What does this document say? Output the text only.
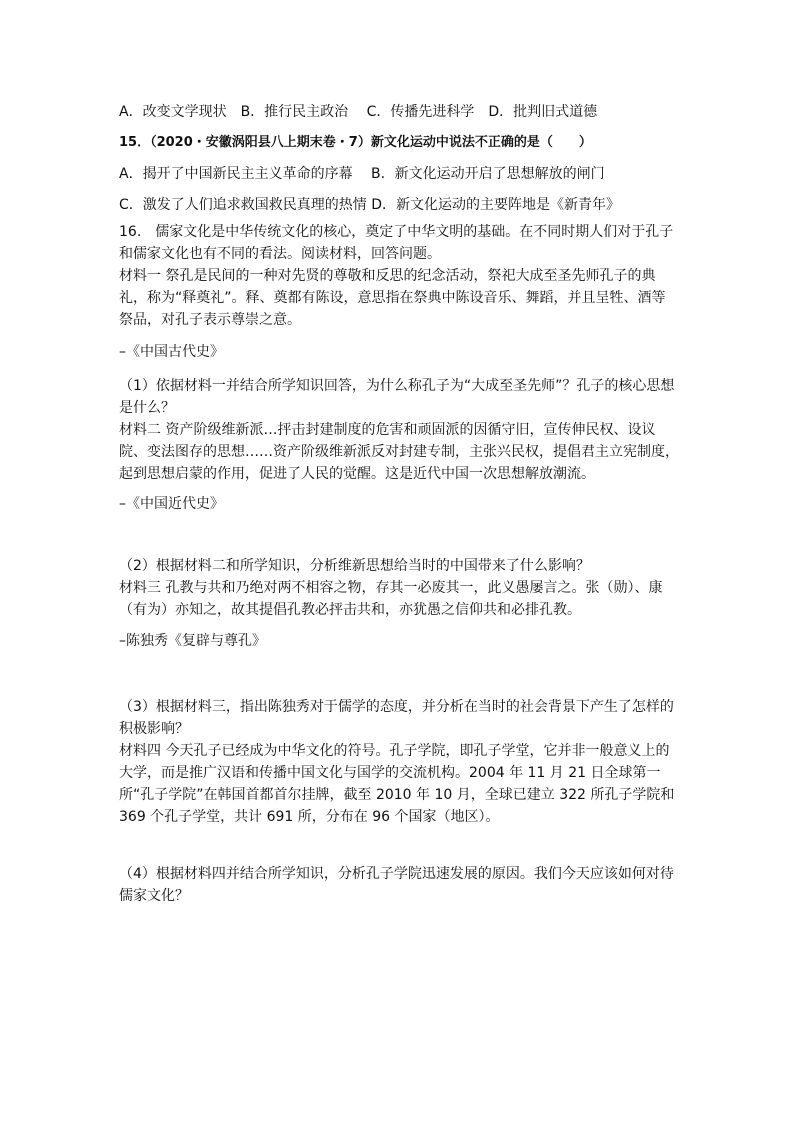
A．改变文学现状　B．推行民主政治　 C．传播先进科学　D．批判旧式道德
15．（2020・安徽涡阳县八上期末卷・7）新文化运动中说法不正确的是（　　）
A．揭开了中国新民主主义革命的序幕　 B．新文化运动开启了思想解放的闸门
C．激发了人们追求救国救民真理的热情 D．新文化运动的主要阵地是《新青年》
16.　儒家文化是中华传统文化的核心，奠定了中华文明的基础。在不同时期人们对于孔子和儒家文化也有不同的看法。阅读材料，回答问题。
材料一 祭孔是民间的一种对先贤的尊敬和反思的纪念活动，祭祀大成至圣先师孔子的典礼，称为“释奠礼”。释、奠都有陈设，意思指在祭典中陈设音乐、舞蹈，并且呈牲、酒等祭品，对孔子表示尊崇之意。
–《中国古代史》
（1）依据材料一并结合所学知识回答，为什么称孔子为“大成至圣先师”？孔子的核心思想是什么？
材料二 资产阶级维新派…抨击封建制度的危害和顽固派的因循守旧，宣传伸民权、设议院、变法图存的思想……资产阶级维新派反对封建专制，主张兴民权，提倡君主立宪制度，起到思想启蒙的作用，促进了人民的觉醒。这是近代中国一次思想解放潮流。
–《中国近代史》
（2）根据材料二和所学知识，分析维新思想给当时的中国带来了什么影响？
材料三 孔教与共和乃绝对两不相容之物，存其一必废其一，此义愚屡言之。张（勋）、康（有为）亦知之，故其提倡孔教必抨击共和，亦犹愚之信仰共和必排孔教。
–陈独秀《复辟与尊孔》
（3）根据材料三，指出陈独秀对于儒学的态度，并分析在当时的社会背景下产生了怎样的积极影响？
材料四 今天孔子已经成为中华文化的符号。孔子学院，即孔子学堂，它并非一般意义上的大学，而是推广汉语和传播中国文化与国学的交流机构。2004 年 11 月 21 日全球第一所“孔子学院”在韩国首都首尔挂牌，截至 2010 年 10 月，全球已建立 322 所孔子学院和 369 个孔子学堂，共计 691 所，分布在 96 个国家（地区）。
（4）根据材料四并结合所学知识，分析孔子学院迅速发展的原因。我们今天应该如何对待儒家文化？
